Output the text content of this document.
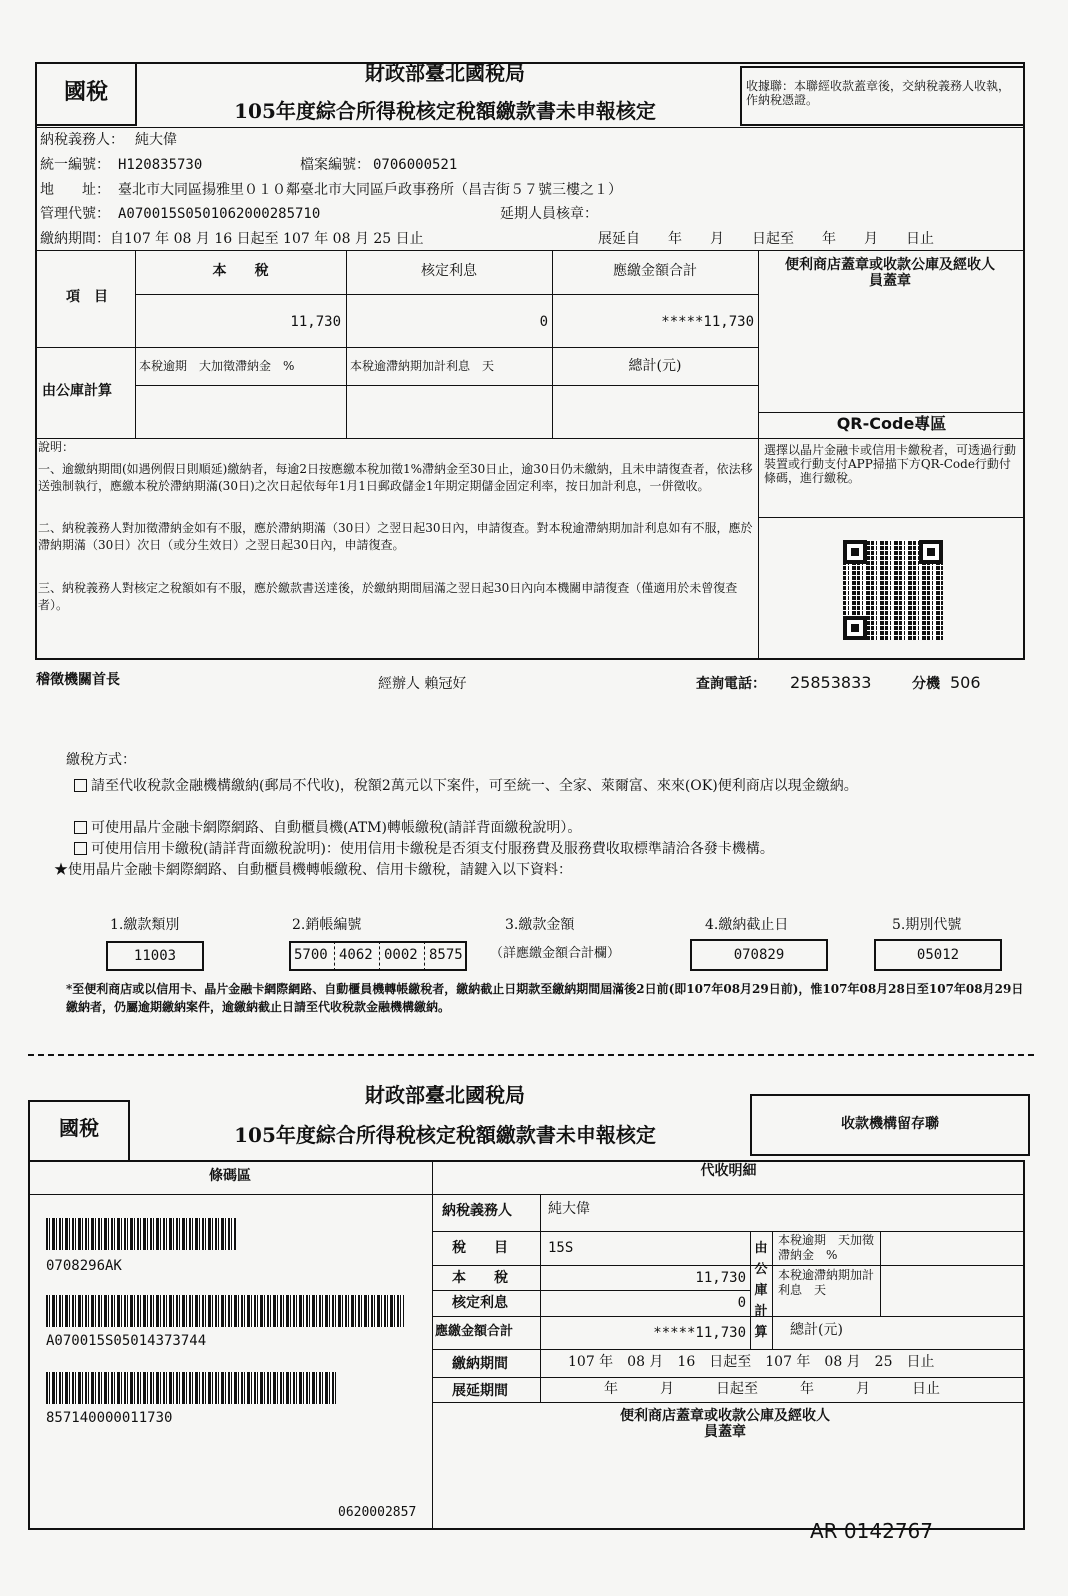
國稅
財政部臺北國稅局
105年度綜合所得稅核定稅額繳款書未申報核定
收據聯：本聯經收款蓋章後，交納稅義務人收執，作納稅憑證。
納稅義務人： 純大偉
統一編號： H120835730	檔案編號： 0706000521
地　　址： 臺北市大同區揚雅里０１０鄰臺北市大同區戶政事務所（昌吉街５７號三樓之１）
管理代號： A070015S0501062000285710	延期人員核章：
繳納期間：自107 年 08 月 16 日起至 107 年 08 月 25 日止	展延自　　年　　月　　日起至　　年　　月　　日止
項　目
本　　稅	核定利息	應繳金額合計
11,730	0	*****11,730
便利商店蓋章或收款公庫及經收人員蓋章
由公庫計算
本稅逾期　大加徵滯納金　%	本稅逾滯納期加計利息　天	總計(元)
QR-Code專區
選擇以晶片金融卡或信用卡繳稅者，可透過行動裝置或行動支付APP掃描下方QR-Code行動付條碼，進行繳稅。
說明：
一、逾繳納期間(如遇例假日則順延)繳納者，每逾2日按應繳本稅加徵1%滯納金至30日止，逾30日仍未繳納，且未申請復查者，依法移送強制執行，應繳本稅於滯納期滿(30日)之次日起依每年1月1日郵政儲金1年期定期儲金固定利率，按日加計利息，一併徵收。
二、納稅義務人對加徵滯納金如有不服，應於滯納期滿（30日）之翌日起30日內，申請復查。對本稅逾滯納期加計利息如有不服，應於滯納期滿（30日）次日（或分生效日）之翌日起30日內，申請復查。
三、納稅義務人對核定之稅額如有不服，應於繳款書送達後，於繳納期間屆滿之翌日起30日內向本機關申請復查（僅適用於未曾復查者）。
稽徵機關首長	經辦人 賴冠好	查詢電話： 25853833	分機 506
繳稅方式：
請至代收稅款金融機構繳納(郵局不代收)，稅額2萬元以下案件，可至統一、全家、萊爾富、來來(OK)便利商店以現金繳納。
可使用晶片金融卡網際網路、自動櫃員機(ATM)轉帳繳稅(請詳背面繳稅說明）。
可使用信用卡繳稅(請詳背面繳稅說明)：使用信用卡繳稅是否須支付服務費及服務費收取標準請洽各發卡機構。
★使用晶片金融卡網際網路、自動櫃員機轉帳繳稅、信用卡繳稅，請鍵入以下資料：
1.繳款類別
11003
2.銷帳編號
5700 4062 0002 8575
3.繳款金額
（詳應繳金額合計欄）
4.繳納截止日
070829
5.期別代號
05012
*至便利商店或以信用卡、晶片金融卡網際網路、自動櫃員機轉帳繳稅者，繳納截止日期款至繳納期間屆滿後2日前(即107年08月29日前)，惟107年08月28日至107年08月29日繳納者，仍屬逾期繳納案件，逾繳納截止日請至代收稅款金融機構繳納。
國稅
財政部臺北國稅局
105年度綜合所得稅核定稅額繳款書未申報核定	收款機構留存聯
條碼區	代收明細
0708296AK
A070015S05014373744
857140000011730
0620002857
納稅義務人	純大偉
稅　　目	15S
本　　稅	11,730
核定利息	0
應繳金額合計	*****11,730
由公庫計算
本稅逾期　天加徵滯納金　%
本稅逾滯納期加計利息　天
總計(元)
繳納期間	107 年　08 月　16　日起至　107 年　08 月　25　日止
展延期間	年　　　月　　　日起至　　　年　　　月　　　日止
便利商店蓋章或收款公庫及經收人員蓋章
AR 0142767
